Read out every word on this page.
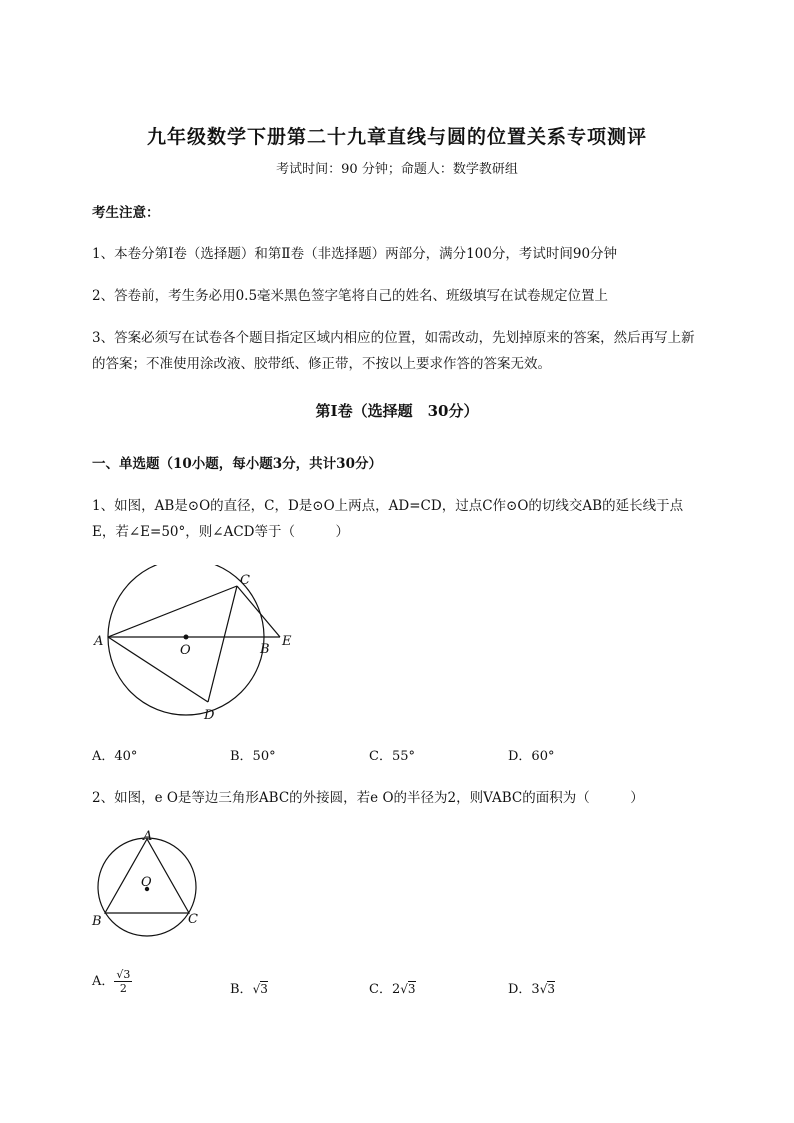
九年级数学下册第二十九章直线与圆的位置关系专项测评
考试时间：90 分钟；命题人：数学教研组
考生注意：
1、本卷分第Ⅰ卷（选择题）和第Ⅱ卷（非选择题）两部分，满分100分，考试时间90分钟
2、答卷前，考生务必用0.5毫米黑色签字笔将自己的姓名、班级填写在试卷规定位置上
3、答案必须写在试卷各个题目指定区域内相应的位置，如需改动，先划掉原来的答案，然后再写上新
的答案；不准使用涂改液、胶带纸、修正带，不按以上要求作答的答案无效。
第Ⅰ卷（选择题　30分）
一、单选题（10小题，每小题3分，共计30分）
1、如图，AB是⊙O的直径，C，D是⊙O上两点，AD=CD，过点C作⊙O的切线交AB的延长线于点
E，若∠E=50°，则∠ACD等于（　　　）
A
O	B
E
C
D
A．40°	B．50°	C．55°	D．60°
2、如图，e O是等边三角形ABC的外接圆，若e O的半径为2，则VABC的面积为（　　　）
A
O
B	C
A． $\frac{√3}{2}$	B．√3	C．2√3	D．3√3
